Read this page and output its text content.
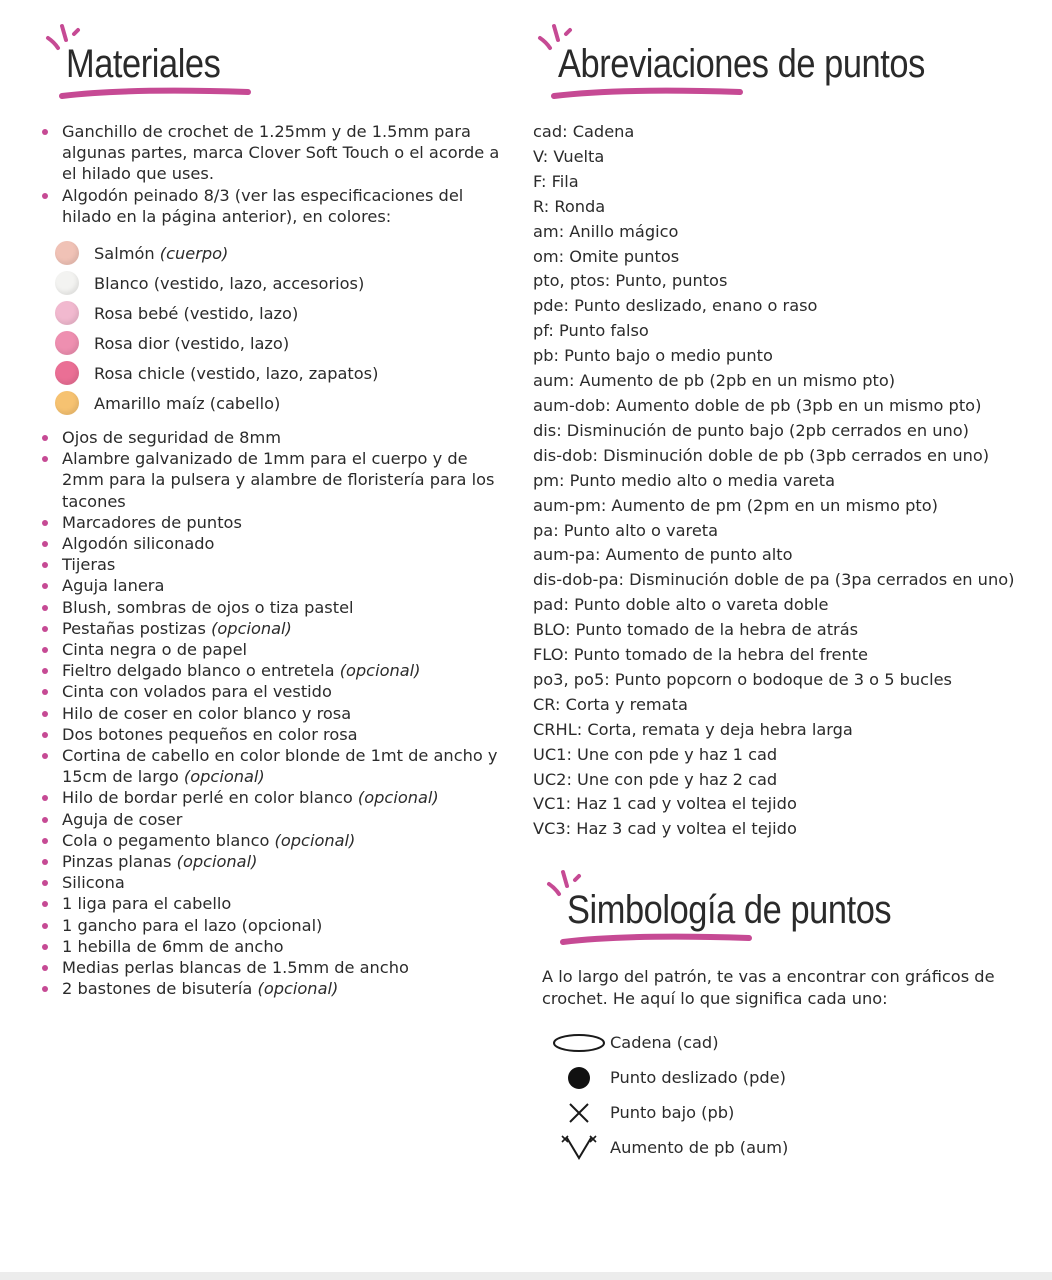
Materiales
Ganchillo de crochet de 1.25mm y de 1.5mm para algunas partes, marca Clover Soft Touch o el acorde a el hilado que uses.
Algodón peinado 8/3 (ver las especificaciones del hilado en la página anterior), en colores:
Salmón (cuerpo)
Blanco (vestido, lazo, accesorios)
Rosa bebé (vestido, lazo)
Rosa dior (vestido, lazo)
Rosa chicle (vestido, lazo, zapatos)
Amarillo maíz (cabello)
Ojos de seguridad de 8mm
Alambre galvanizado de 1mm para el cuerpo y de 2mm para la pulsera y alambre de floristería para los tacones
Marcadores de puntos
Algodón siliconado
Tijeras
Aguja lanera
Blush, sombras de ojos o tiza pastel
Pestañas postizas (opcional)
Cinta negra o de papel
Fieltro delgado blanco o entretela (opcional)
Cinta con volados para el vestido
Hilo de coser en color blanco y rosa
Dos botones pequeños en color rosa
Cortina de cabello en color blonde de 1mt de ancho y 15cm de largo (opcional)
Hilo de bordar perlé en color blanco (opcional)
Aguja de coser
Cola o pegamento blanco (opcional)
Pinzas planas (opcional)
Silicona
1 liga para el cabello
1 gancho para el lazo (opcional)
1 hebilla de 6mm de ancho
Medias perlas blancas de 1.5mm de ancho
2 bastones de bisutería (opcional)
Abreviaciones de puntos
cad: Cadena
V: Vuelta
F: Fila
R: Ronda
am: Anillo mágico
om: Omite puntos
pto, ptos: Punto, puntos
pde: Punto deslizado, enano o raso
pf: Punto falso
pb: Punto bajo o medio punto
aum: Aumento de pb (2pb en un mismo pto)
aum-dob: Aumento doble de pb (3pb en un mismo pto)
dis: Disminución de punto bajo (2pb cerrados en uno)
dis-dob: Disminución doble de pb (3pb cerrados en uno)
pm: Punto medio alto o media vareta
aum-pm: Aumento de pm (2pm en un mismo pto)
pa: Punto alto o vareta
aum-pa: Aumento de punto alto
dis-dob-pa: Disminución doble de pa (3pa cerrados en uno)
pad: Punto doble alto o vareta doble
BLO: Punto tomado de la hebra de atrás
FLO: Punto tomado de la hebra del frente
po3, po5: Punto popcorn o bodoque de 3 o 5 bucles
CR: Corta y remata
CRHL: Corta, remata y deja hebra larga
UC1: Une con pde y haz 1 cad
UC2: Une con pde y haz 2 cad
VC1: Haz 1 cad y voltea el tejido
VC3: Haz 3 cad y voltea el tejido
Simbología de puntos
A lo largo del patrón, te vas a encontrar con gráficos de crochet. He aquí lo que significa cada uno:
Cadena (cad)
Punto deslizado (pde)
Punto bajo (pb)
Aumento de pb (aum)
